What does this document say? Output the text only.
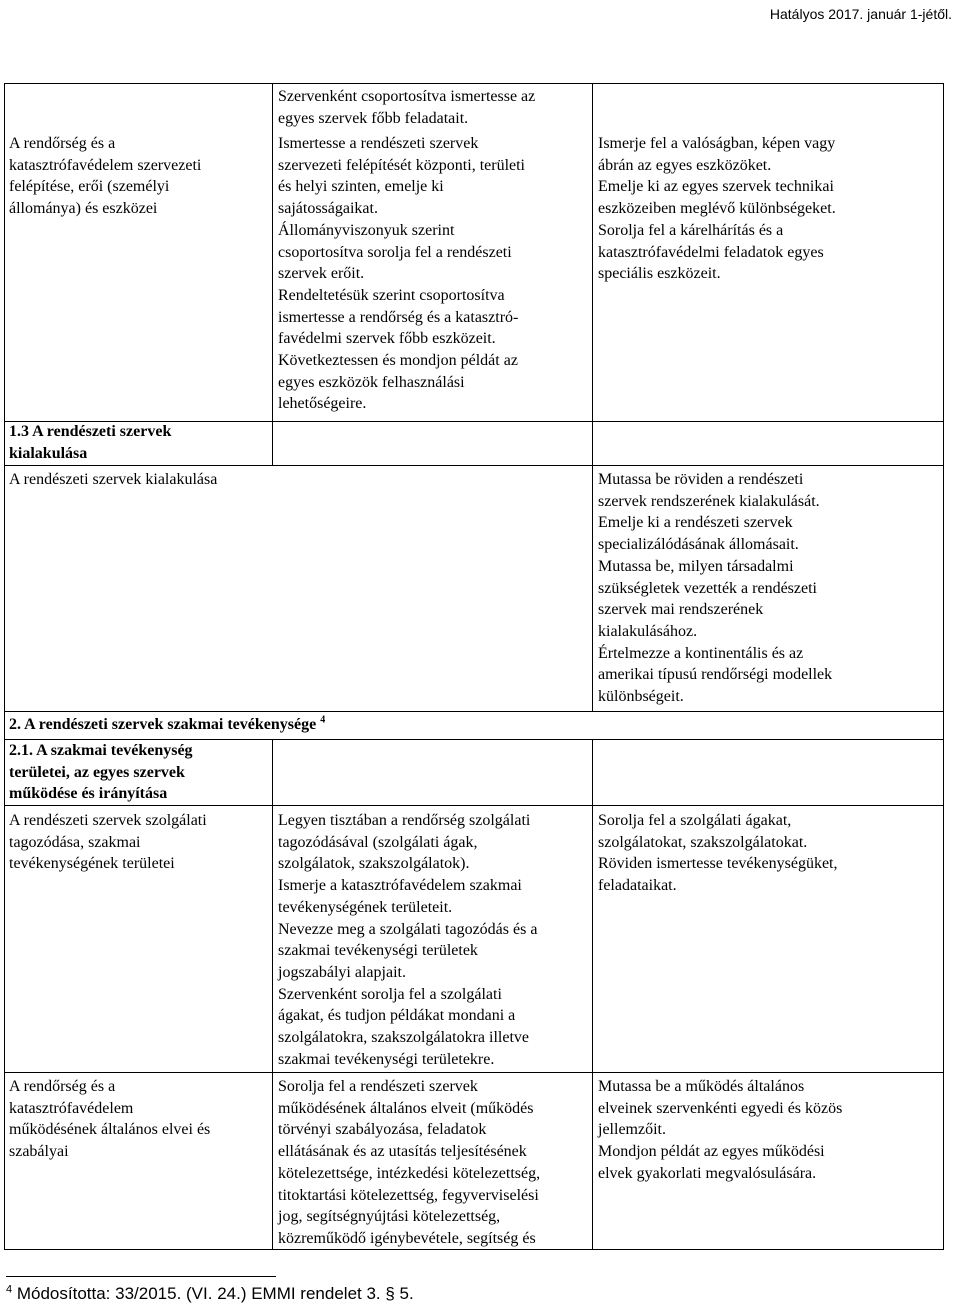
Hatályos 2017. január 1-jétől.
A rendőrség és a
katasztrófavédelem szervezeti
felépítése, erői (személyi
állománya) és eszközei
Szervenként csoportosítva ismertesse az
egyes szervek főbb feladatait.
Ismertesse a rendészeti szervek
szervezeti felépítését központi, területi
és helyi szinten, emelje ki
sajátosságaikat.
Állományviszonyuk szerint
csoportosítva sorolja fel a rendészeti
szervek erőit.
Rendeltetésük szerint csoportosítva
ismertesse a rendőrség és a katasztró-
favédelmi szervek főbb eszközeit.
Következtessen és mondjon példát az
egyes eszközök felhasználási
lehetőségeire.
Ismerje fel a valóságban, képen vagy
ábrán az egyes eszközöket.
Emelje ki az egyes szervek technikai
eszközeiben meglévő különbségeket.
Sorolja fel a kárelhárítás és a
katasztrófavédelmi feladatok egyes
speciális eszközeit.
1.3 A rendészeti szervek
kialakulása
A rendészeti szervek kialakulása	Mutassa be röviden a rendészeti
szervek rendszerének kialakulását.
Emelje ki a rendészeti szervek
specializálódásának állomásait.
Mutassa be, milyen társadalmi
szükségletek vezették a rendészeti
szervek mai rendszerének
kialakulásához.
Értelmezze a kontinentális és az
amerikai típusú rendőrségi modellek
különbségeit.
2. A rendészeti szervek szakmai tevékenysége $^4$
2.1. A szakmai tevékenység
területei, az egyes szervek
működése és irányítása
A rendészeti szervek szolgálati
tagozódása, szakmai
tevékenységének területei
Legyen tisztában a rendőrség szolgálati
tagozódásával (szolgálati ágak,
szolgálatok, szakszolgálatok).
Ismerje a katasztrófavédelem szakmai
tevékenységének területeit.
Nevezze meg a szolgálati tagozódás és a
szakmai tevékenységi területek
jogszabályi alapjait.
Szervenként sorolja fel a szolgálati
ágakat, és tudjon példákat mondani a
szolgálatokra, szakszolgálatokra illetve
szakmai tevékenységi területekre.
Sorolja fel a szolgálati ágakat,
szolgálatokat, szakszolgálatokat.
Röviden ismertesse tevékenységüket,
feladataikat.
A rendőrség és a
katasztrófavédelem
működésének általános elvei és
szabályai
Sorolja fel a rendészeti szervek
működésének általános elveit (működés
törvényi szabályozása, feladatok
ellátásának és az utasítás teljesítésének
kötelezettsége, intézkedési kötelezettség,
titoktartási kötelezettség, fegyverviselési
jog, segítségnyújtási kötelezettség,
közreműködő igénybevétele, segítség és
Mutassa be a működés általános
elveinek szervenkénti egyedi és közös
jellemzőit.
Mondjon példát az egyes működési
elvek gyakorlati megvalósulására.
$^4$ Módosította: 33/2015. (VI. 24.) EMMI rendelet 3. § 5.
